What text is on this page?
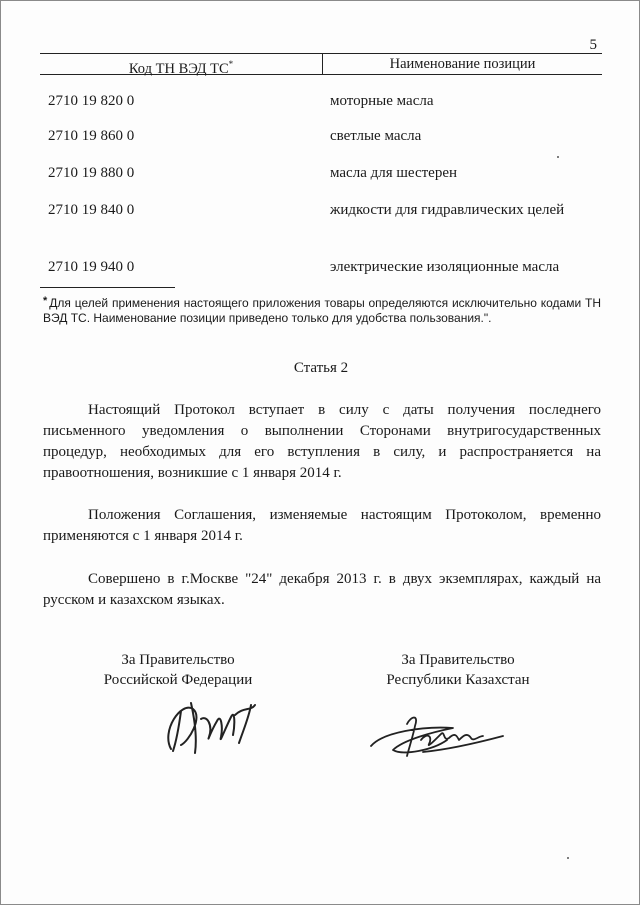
5
Код ТН ВЭД ТС*	Наименование позиции
2710 19 820 0	моторные масла
2710 19 860 0	светлые масла
2710 19 880 0	масла для шестерен
2710 19 840 0	жидкости для гидравлических целей
2710 19 940 0	электрические изоляционные масла
* Для целей применения настоящего приложения товары определяются исключительно кодами ТН ВЭД ТС. Наименование позиции приведено только для удобства пользования.".
Статья 2
Настоящий Протокол вступает в силу с даты получения последнего письменного уведомления о выполнении Сторонами внутригосударственных процедур, необходимых для его вступления в силу, и распространяется на правоотношения, возникшие с 1 января 2014 г.
Положения Соглашения, изменяемые настоящим Протоколом, временно применяются с 1 января 2014 г.
Совершено в г.Москве "24" декабря 2013 г. в двух экземплярах, каждый на русском и казахском языках.
За Правительство
Российской Федерации
За Правительство
Республики Казахстан
